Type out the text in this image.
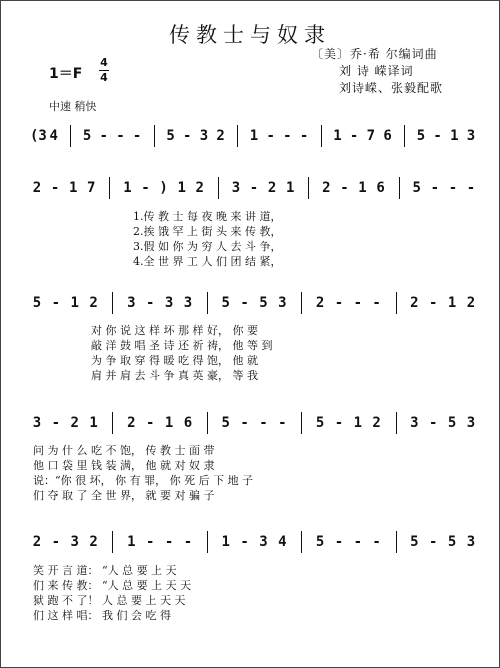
传教士与奴隶
1＝F
4
4
〔美〕乔·希 尔编词曲
刘 诗 嵘译词
刘诗嵘、张毅配歌
中速 稍快
(3 4 5 - - - 5 - 3 2 1 - - - 1 - 7 6 5 - 1 3
2 - 1 7 1 - ) 1 2 3 - 2 1 2 - 1 6 5 - - -
5 - 1 2 3 - 3 3 5 - 5 3 2 - - - 2 - 1 2
3 - 2 1 2 - 1 6 5 - - - 5 - 1 2 3 - 5 3
2 - 3 2 1 - - - 1 - 3 4 5 - - - 5 - 5 3
1.传 教 士 每 夜 晚 来 讲 道，
2.挨 饿 罕 上 街 头 来 传 教，
3.假 如 你 为 穷 人 去 斗 争，
4.全 世 界 工 人 们 团 结 紧，
对 你 说 这 样 坏 那 样 好， 你 要
敲 洋 鼓 唱 圣 诗 还 祈 祷， 他 等 到
为 争 取 穿 得 暖 吃 得 饱， 他 就
肩 并 肩 去 斗 争 真 英 豪， 等 我
问 为 什 么 吃 不 饱， 传 教 士 面 带
他 口 袋 里 钱 装 满， 他 就 对 奴 隶
说：“你 很 坏， 你 有 罪， 你 死 后 下 地 子
们 夺 取 了 全 世 界， 就 要 对 骗 子
笑 开 言 道： “人 总 要 上 天
们 来 传 教： “人 总 要 上 天 天
狱 跑 不 了！ 人 总 要 上 天 天
们 这 样 唱： 我 们 会 吃 得
